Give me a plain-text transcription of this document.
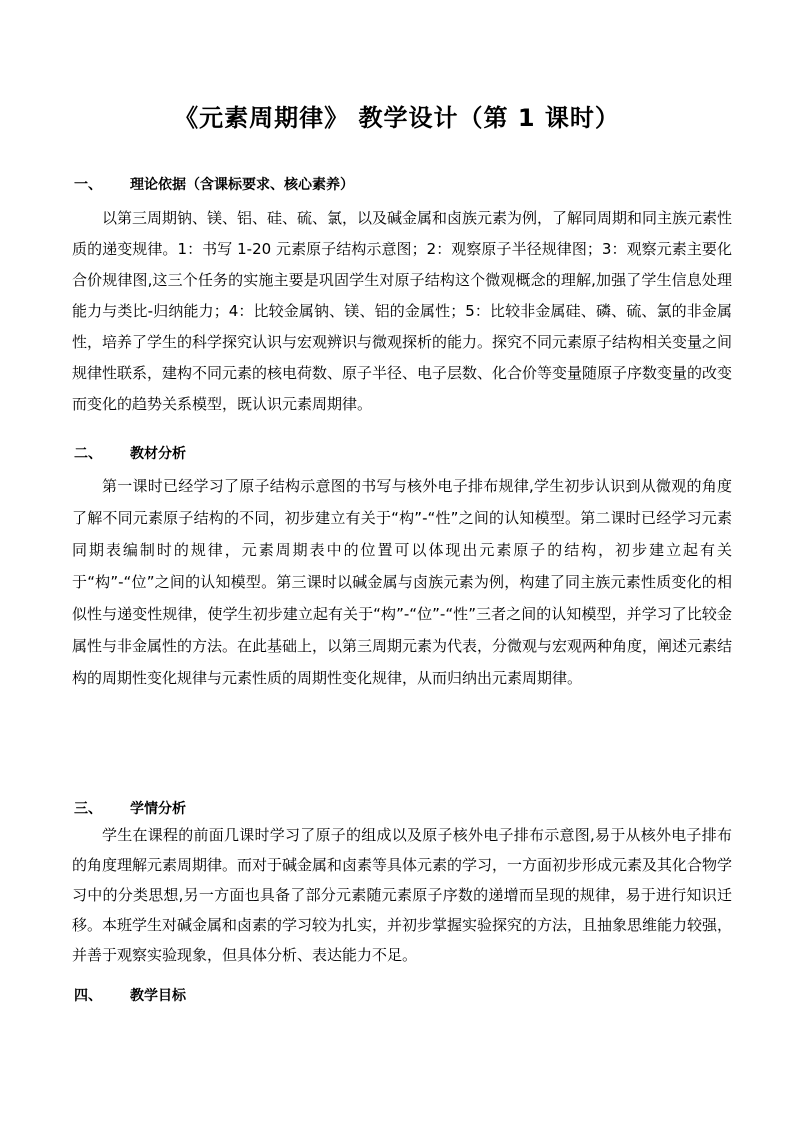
《元素周期律》 教学设计（第 1 课时）
一、 理论依据（含课标要求、核心素养）

以第三周期钠、镁、铝、硅、硫、氯，以及碱金属和卤族元素为例，了解同周期和同主族元素性质的递变规律。1：书写 1-20 元素原子结构示意图；2：观察原子半径规律图；3：观察元素主要化合价规律图,这三个任务的实施主要是巩固学生对原子结构这个微观概念的理解,加强了学生信息处理能力与类比-归纳能力；4：比较金属钠、镁、铝的金属性；5：比较非金属硅、磷、硫、氯的非金属性，培养了学生的科学探究认识与宏观辨识与微观探析的能力。探究不同元素原子结构相关变量之间规律性联系，建构不同元素的核电荷数、原子半径、电子层数、化合价等变量随原子序数变量的改变而变化的趋势关系模型，既认识元素周期律。

二、 教材分析

第一课时已经学习了原子结构示意图的书写与核外电子排布规律,学生初步认识到从微观的角度了解不同元素原子结构的不同，初步建立有关于“构”-“性”之间的认知模型。第二课时已经学习元素同期表编制时的规律，元素周期表中的位置可以体现出元素原子的结构，初步建立起有关于“构”-“位”之间的认知模型。第三课时以碱金属与卤族元素为例，构建了同主族元素性质变化的相似性与递变性规律，使学生初步建立起有关于“构”-“位”-“性”三者之间的认知模型，并学习了比较金属性与非金属性的方法。在此基础上，以第三周期元素为代表，分微观与宏观两种角度，阐述元素结构的周期性变化规律与元素性质的周期性变化规律，从而归纳出元素周期律。

三、 学情分析

学生在课程的前面几课时学习了原子的组成以及原子核外电子排布示意图,易于从核外电子排布的角度理解元素周期律。而对于碱金属和卤素等具体元素的学习，一方面初步形成元素及其化合物学习中的分类思想,另一方面也具备了部分元素随元素原子序数的递增而呈现的规律，易于进行知识迁移。本班学生对碱金属和卤素的学习较为扎实，并初步掌握实验探究的方法，且抽象思维能力较强，并善于观察实验现象，但具体分析、表达能力不足。

四、 教学目标
